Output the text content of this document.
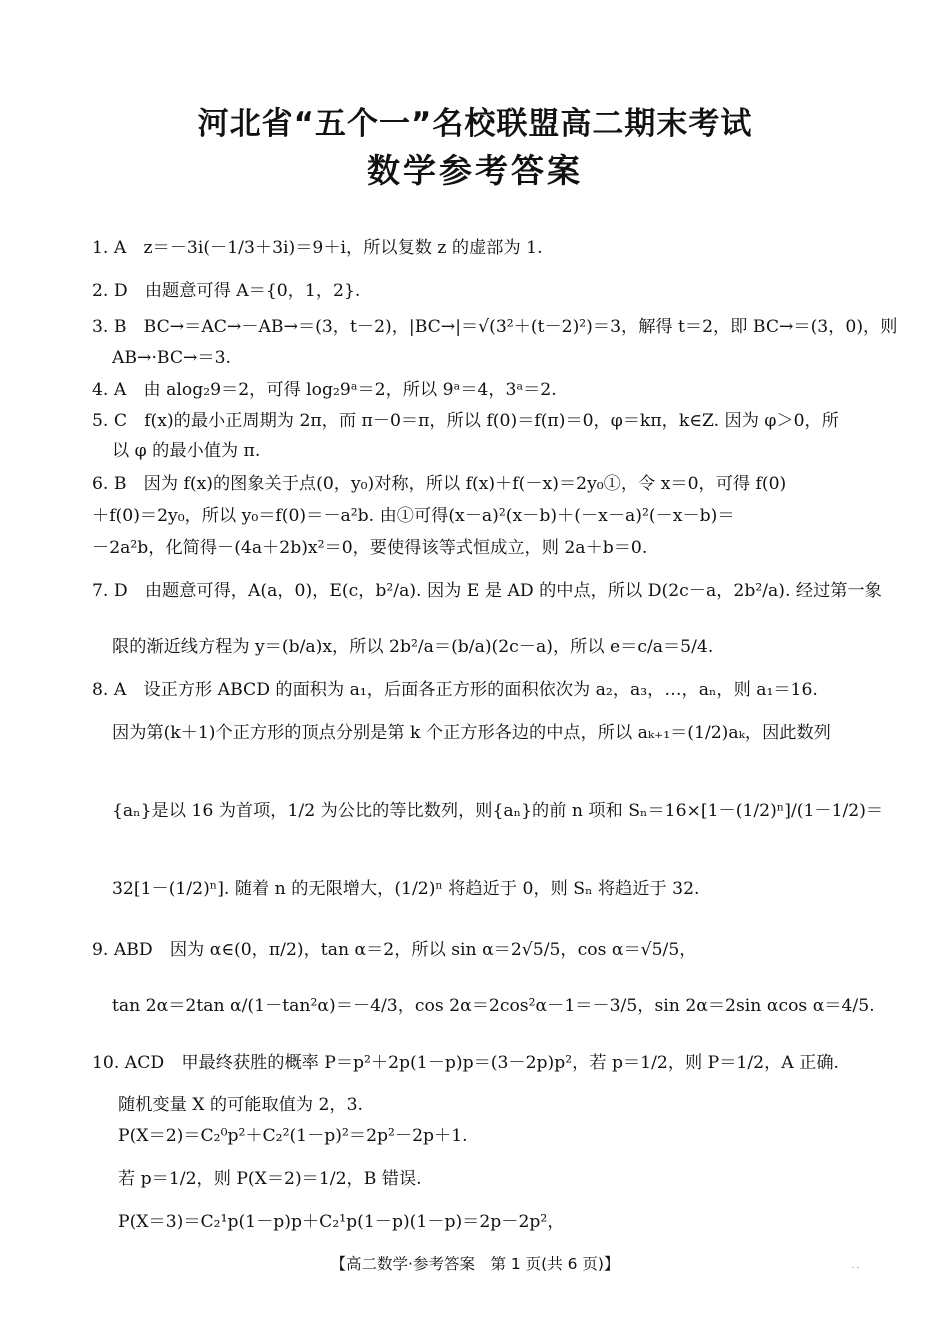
河北省“五个一”名校联盟高二期末考试
数学参考答案
1. A　z＝－3i(－1/3＋3i)＝9＋i，所以复数 z 的虚部为 1.
2. D　由题意可得 A＝{0，1，2}.
3. B　BC→＝AC→－AB→＝(3，t－2)，|BC→|＝√(3²＋(t－2)²)＝3，解得 t＝2，即 BC→＝(3，0)，则
AB→·BC→＝3.
4. A　由 alog₂9＝2，可得 log₂9ᵃ＝2，所以 9ᵃ＝4，3ᵃ＝2.
5. C　f(x)的最小正周期为 2π，而 π－0＝π，所以 f(0)＝f(π)＝0，φ＝kπ，k∈Z. 因为 φ＞0，所
以 φ 的最小值为 π.
6. B　因为 f(x)的图象关于点(0，y₀)对称，所以 f(x)＋f(－x)＝2y₀①，令 x＝0，可得 f(0)
＋f(0)＝2y₀，所以 y₀＝f(0)＝－a²b. 由①可得(x－a)²(x－b)＋(－x－a)²(－x－b)＝
－2a²b，化简得－(4a＋2b)x²＝0，要使得该等式恒成立，则 2a＋b＝0.
7. D　由题意可得，A(a，0)，E(c，b²/a). 因为 E 是 AD 的中点，所以 D(2c－a，2b²/a). 经过第一象
限的渐近线方程为 y＝(b/a)x，所以 2b²/a＝(b/a)(2c－a)，所以 e＝c/a＝5/4.
8. A　设正方形 ABCD 的面积为 a₁，后面各正方形的面积依次为 a₂，a₃，…，aₙ，则 a₁＝16.
因为第(k＋1)个正方形的顶点分别是第 k 个正方形各边的中点，所以 aₖ₊₁＝(1/2)aₖ，因此数列
{aₙ}是以 16 为首项，1/2 为公比的等比数列，则{aₙ}的前 n 项和 Sₙ＝16×[1－(1/2)ⁿ]/(1－1/2)＝
32[1－(1/2)ⁿ]. 随着 n 的无限增大，(1/2)ⁿ 将趋近于 0，则 Sₙ 将趋近于 32.
9. ABD　因为 α∈(0，π/2)，tan α＝2，所以 sin α＝2√5/5，cos α＝√5/5，
tan 2α＝2tan α/(1－tan²α)＝－4/3，cos 2α＝2cos²α－1＝－3/5，sin 2α＝2sin αcos α＝4/5.
10. ACD　甲最终获胜的概率 P＝p²＋2p(1－p)p＝(3－2p)p²，若 p＝1/2，则 P＝1/2，A 正确.
随机变量 X 的可能取值为 2，3.
P(X＝2)＝C₂⁰p²＋C₂²(1－p)²＝2p²－2p＋1.
若 p＝1/2，则 P(X＝2)＝1/2，B 错误.
P(X＝3)＝C₂¹p(1－p)p＋C₂¹p(1－p)(1－p)＝2p－2p²，
【高二数学·参考答案　第 1 页(共 6 页)】
